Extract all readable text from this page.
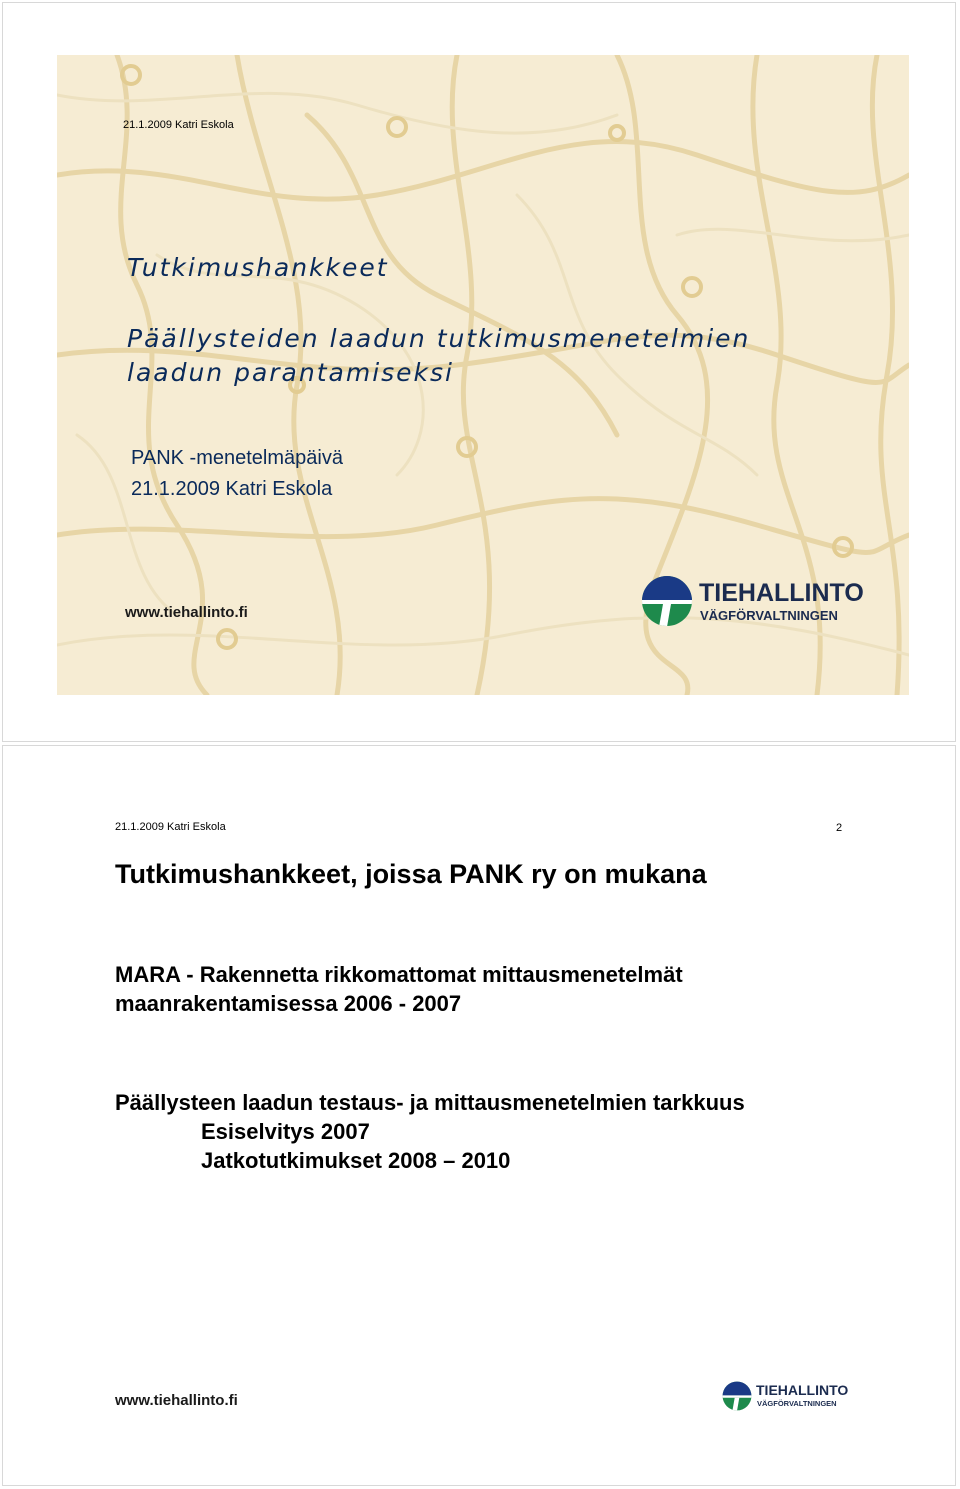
21.1.2009 Katri Eskola
Tutkimushankkeet
Päällysteiden laadun tutkimusmenetelmien
laadun parantamiseksi
PANK -menetelmäpäivä
21.1.2009 Katri Eskola
www.tiehallinto.fi
TIEHALLINTO
VÄGFÖRVALTNINGEN
21.1.2009 Katri Eskola	2
Tutkimushankkeet, joissa PANK ry on mukana
MARA - Rakennetta rikkomattomat mittausmenetelmät
maanrakentamisessa 2006 - 2007
Päällysteen laadun testaus- ja mittausmenetelmien tarkkuus
Esiselvitys 2007
Jatkotutkimukset 2008 – 2010
www.tiehallinto.fi
TIEHALLINTO
VÄGFÖRVALTNINGEN
